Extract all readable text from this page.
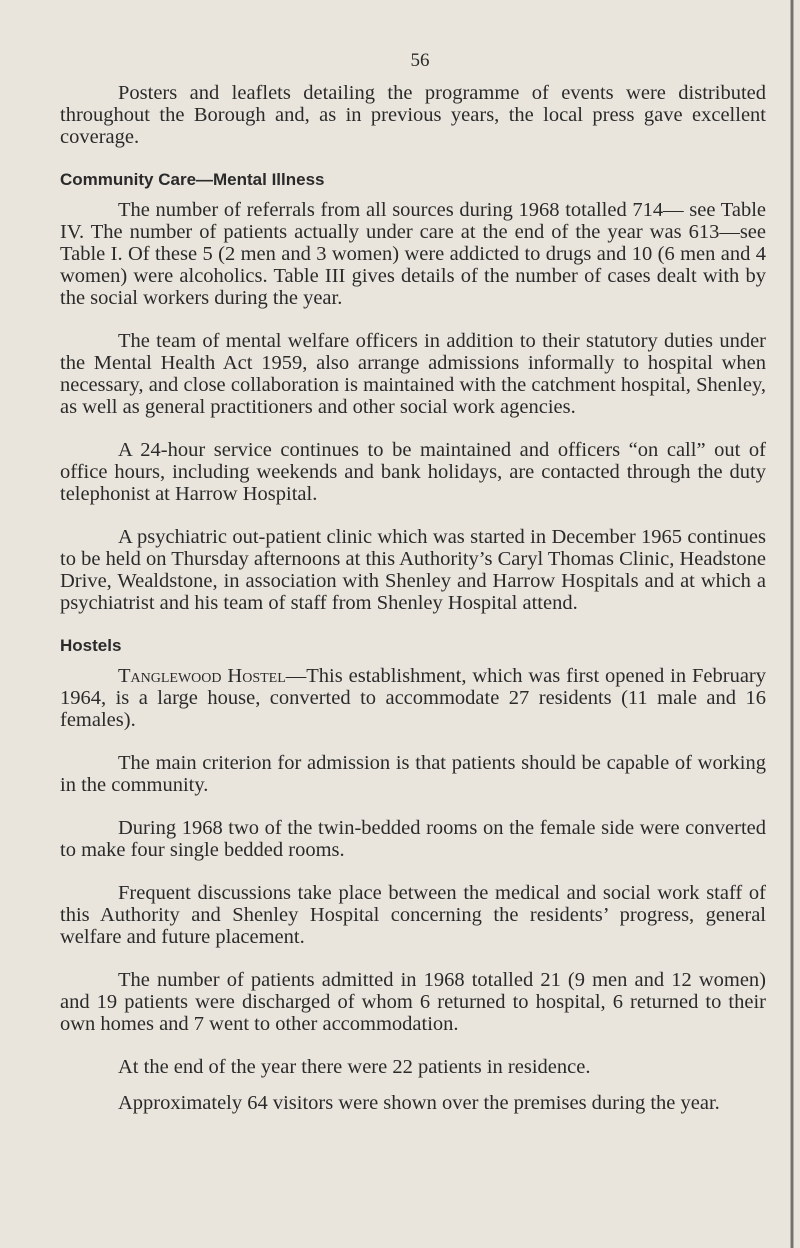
56

Posters and leaflets detailing the programme of events were distributed throughout the Borough and, as in previous years, the local press gave excellent coverage.

Community Care—Mental Illness

The number of referrals from all sources during 1968 totalled 714— see Table IV. The number of patients actually under care at the end of the year was 613—see Table I. Of these 5 (2 men and 3 women) were addicted to drugs and 10 (6 men and 4 women) were alcoholics. Table III gives details of the number of cases dealt with by the social workers during the year.

The team of mental welfare officers in addition to their statutory duties under the Mental Health Act 1959, also arrange admissions informally to hospital when necessary, and close collaboration is maintained with the catchment hospital, Shenley, as well as general practitioners and other social work agencies.

A 24-hour service continues to be maintained and officers “on call” out of office hours, including weekends and bank holidays, are contacted through the duty telephonist at Harrow Hospital.

A psychiatric out-patient clinic which was started in December 1965 continues to be held on Thursday afternoons at this Authority’s Caryl Thomas Clinic, Headstone Drive, Wealdstone, in association with Shenley and Harrow Hospitals and at which a psychiatrist and his team of staff from Shenley Hospital attend.

Hostels

Tanglewood Hostel—This establishment, which was first opened in February 1964, is a large house, converted to accommodate 27 residents (11 male and 16 females).

The main criterion for admission is that patients should be capable of working in the community.

During 1968 two of the twin-bedded rooms on the female side were converted to make four single bedded rooms.

Frequent discussions take place between the medical and social work staff of this Authority and Shenley Hospital concerning the residents’ progress, general welfare and future placement.

The number of patients admitted in 1968 totalled 21 (9 men and 12 women) and 19 patients were discharged of whom 6 returned to hospital, 6 returned to their own homes and 7 went to other accommodation.

At the end of the year there were 22 patients in residence.

Approximately 64 visitors were shown over the premises during the year.
